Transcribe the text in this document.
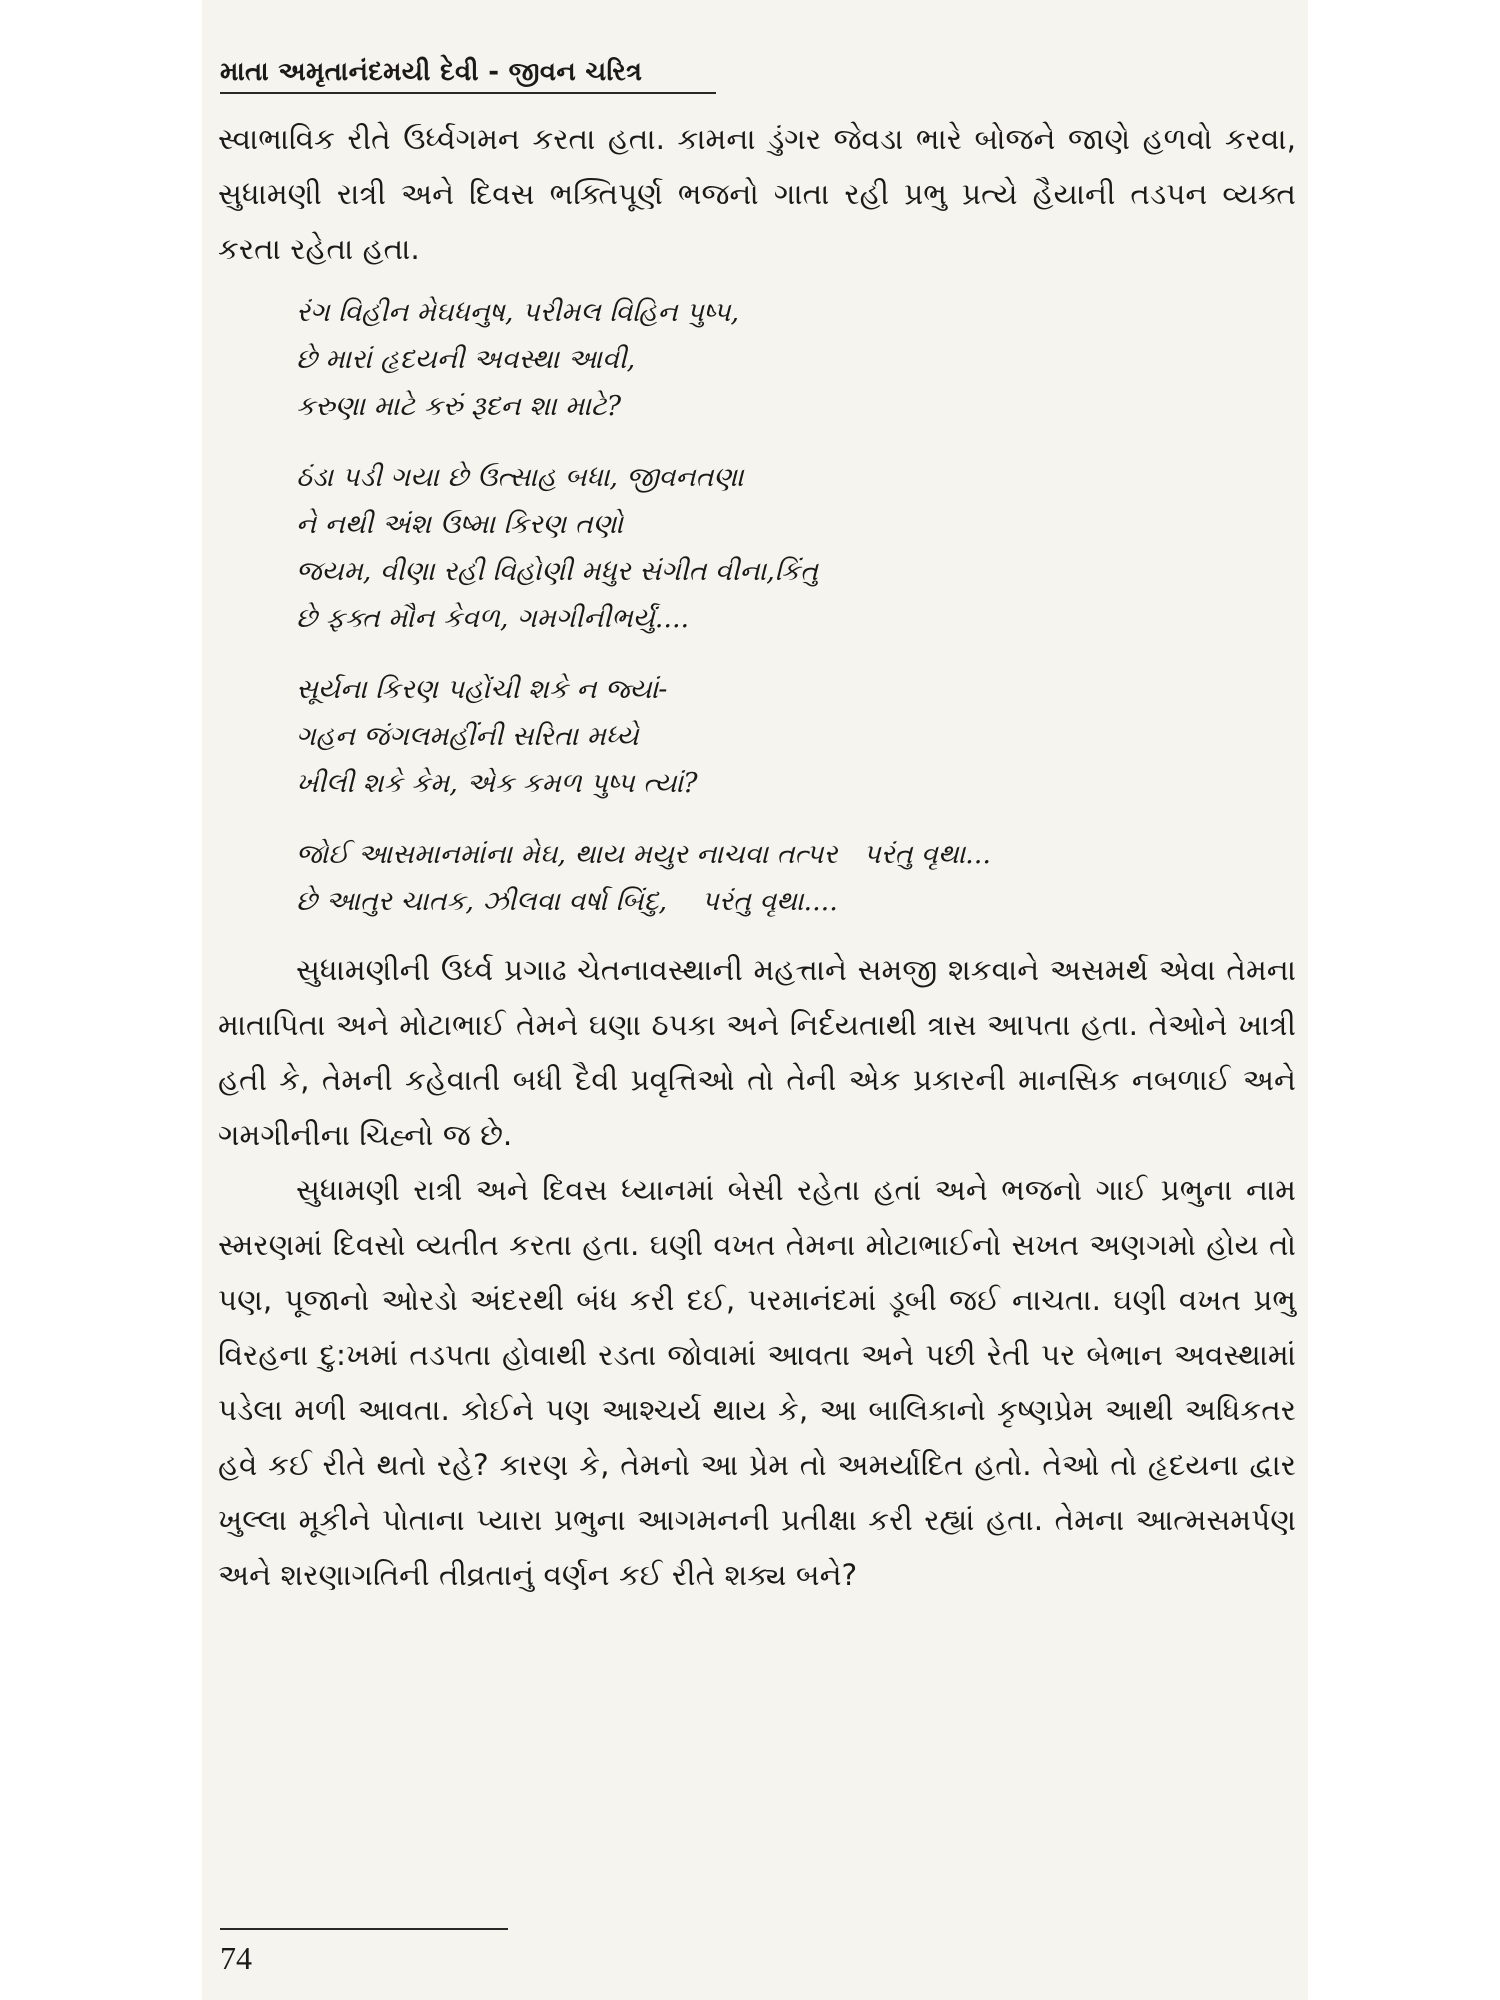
માતા અમૃતાનંદમયી દેવી - જીવન ચરિત્ર

સ્વાભાવિક રીતે ઉર્ધ્વગમન કરતા હતા. કામના ડુંગર જેવડા ભારે બોજને જાણે હળવો કરવા, સુધામણી રાત્રી અને દિવસ ભક્તિપૂર્ણ ભજનો ગાતા રહી પ્રભુ પ્રત્યે હૈયાની તડપન વ્યક્ત કરતા રહેતા હતા.

રંગ વિહીન મેઘધનુષ, પરીમલ વિહિન પુષ્પ,
છે મારાં હૃદયની અવસ્થા આવી,
કરુણા માટે કરું રૂદન શા માટે?
ઠંડા પડી ગયા છે ઉત્સાહ બધા, જીવનતણા
ને નથી અંશ ઉષ્મા કિરણ તણો
જયમ, વીણા રહી વિહોણી મધુર સંગીત વીના,કિંતુ
છે ફક્ત મૌન કેવળ, ગમગીનીભર્યું....
સૂર્યના કિરણ પહોંચી શકે ન જ્યાં-
ગહન જંગલમહીંની સરિતા મધ્યે
ખીલી શકે કેમ, એક કમળ પુષ્પ ત્યાં?
જોઈ આસમાનમાંના મેઘ, થાય મયુર નાચવા તત્પર   પરંતુ વૃથા...
છે આતુર ચાતક, ઝીલવા વર્ષા બિંદુ,    પરંતુ વૃથા....

સુધામણીની ઉર્ધ્વ પ્રગાઢ ચેતનાવસ્થાની મહત્તાને સમજી શકવાને અસમર્થ એવા તેમના માતાપિતા અને મોટાભાઈ તેમને ઘણા ઠપકા અને નિર્દયતાથી ત્રાસ આપતા હતા. તેઓને ખાત્રી હતી કે, તેમની કહેવાતી બધી દૈવી પ્રવૃત્તિઓ તો તેની એક પ્રકારની માનસિક નબળાઈ અને ગમગીનીના ચિહ્નો જ છે.

સુધામણી રાત્રી અને દિવસ ધ્યાનમાં બેસી રહેતા હતાં અને ભજનો ગાઈ પ્રભુના નામ સ્મરણમાં દિવસો વ્યતીત કરતા હતા. ઘણી વખત તેમના મોટાભાઈનો સખત અણગમો હોય તો પણ, પૂજાનો ઓરડો અંદરથી બંધ કરી દઈ, પરમાનંદમાં ડૂબી જઈ નાચતા. ઘણી વખત પ્રભુ વિરહના દુ:ખમાં તડપતા હોવાથી રડતા જોવામાં આવતા અને પછી રેતી પર બેભાન અવસ્થામાં પડેલા મળી આવતા. કોઈને પણ આશ્ચર્ય થાય કે, આ બાલિકાનો કૃષ્ણપ્રેમ આથી અધિકતર હવે કઈ રીતે થતો રહે? કારણ કે, તેમનો આ પ્રેમ તો અમર્યાદિત હતો. તેઓ તો હૃદયના દ્વાર ખુલ્લા મૂકીને પોતાના પ્યારા પ્રભુના આગમનની પ્રતીક્ષા કરી રહ્યાં હતા. તેમના આત્મસમર્પણ અને શરણાગતિની તીવ્રતાનું વર્ણન કઈ રીતે શક્ય બને?

74
